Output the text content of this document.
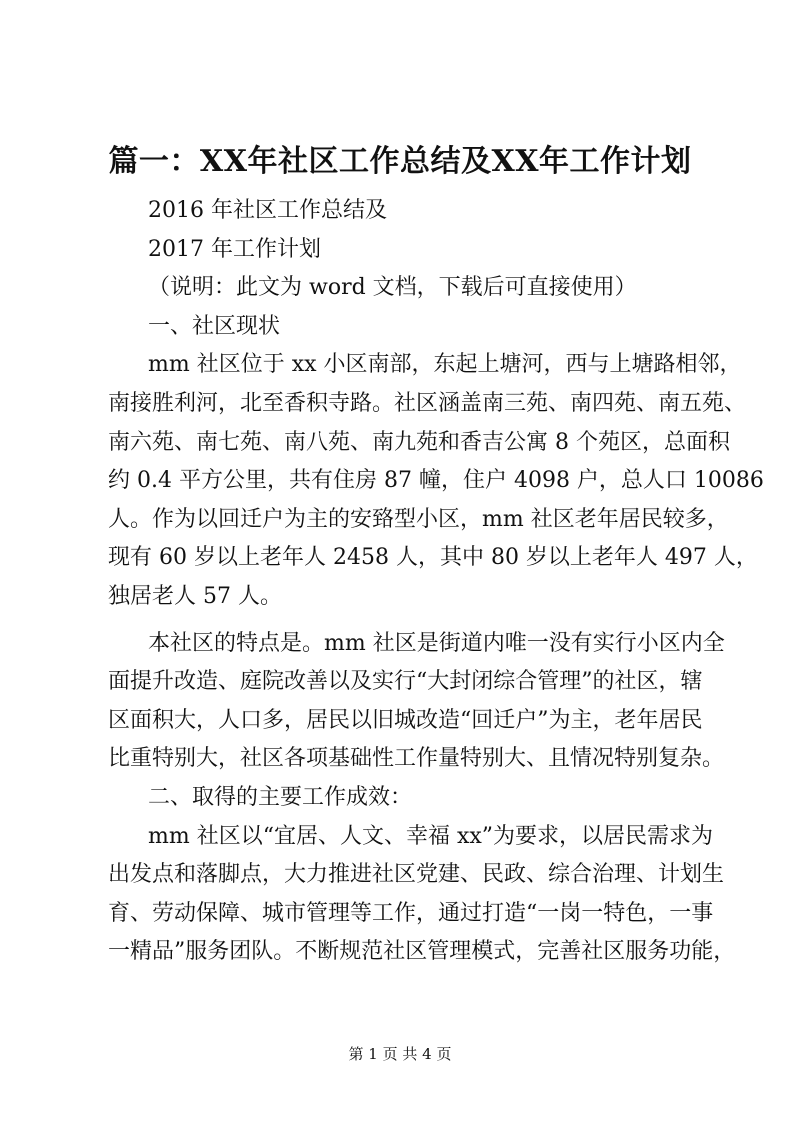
篇一：XX年社区工作总结及XX年工作计划
2016 年社区工作总结及
2017 年工作计划
（说明：此文为 word 文档，下载后可直接使用）
一、社区现状
mm 社区位于 xx 小区南部，东起上塘河，西与上塘路相邻，
南接胜利河，北至香积寺路。社区涵盖南三苑、南四苑、南五苑、
南六苑、南七苑、南八苑、南九苑和香吉公寓 8 个苑区，总面积
约 0.4 平方公里，共有住房 87 幢，住户 4098 户，总人口 10086
人。作为以回迁户为主的安臵型小区，mm 社区老年居民较多，
现有 60 岁以上老年人 2458 人，其中 80 岁以上老年人 497 人，
独居老人 57 人。
本社区的特点是。mm 社区是街道内唯一没有实行小区内全
面提升改造、庭院改善以及实行“大封闭综合管理”的社区，辖
区面积大，人口多，居民以旧城改造“回迁户”为主，老年居民
比重特别大，社区各项基础性工作量特别大、且情况特别复杂。
二、取得的主要工作成效：
mm 社区以“宜居、人文、幸福 xx”为要求，以居民需求为
出发点和落脚点，大力推进社区党建、民政、综合治理、计划生
育、劳动保障、城市管理等工作，通过打造“一岗一特色，一事
一精品”服务团队。不断规范社区管理模式，完善社区服务功能，
第 1 页 共 4 页
